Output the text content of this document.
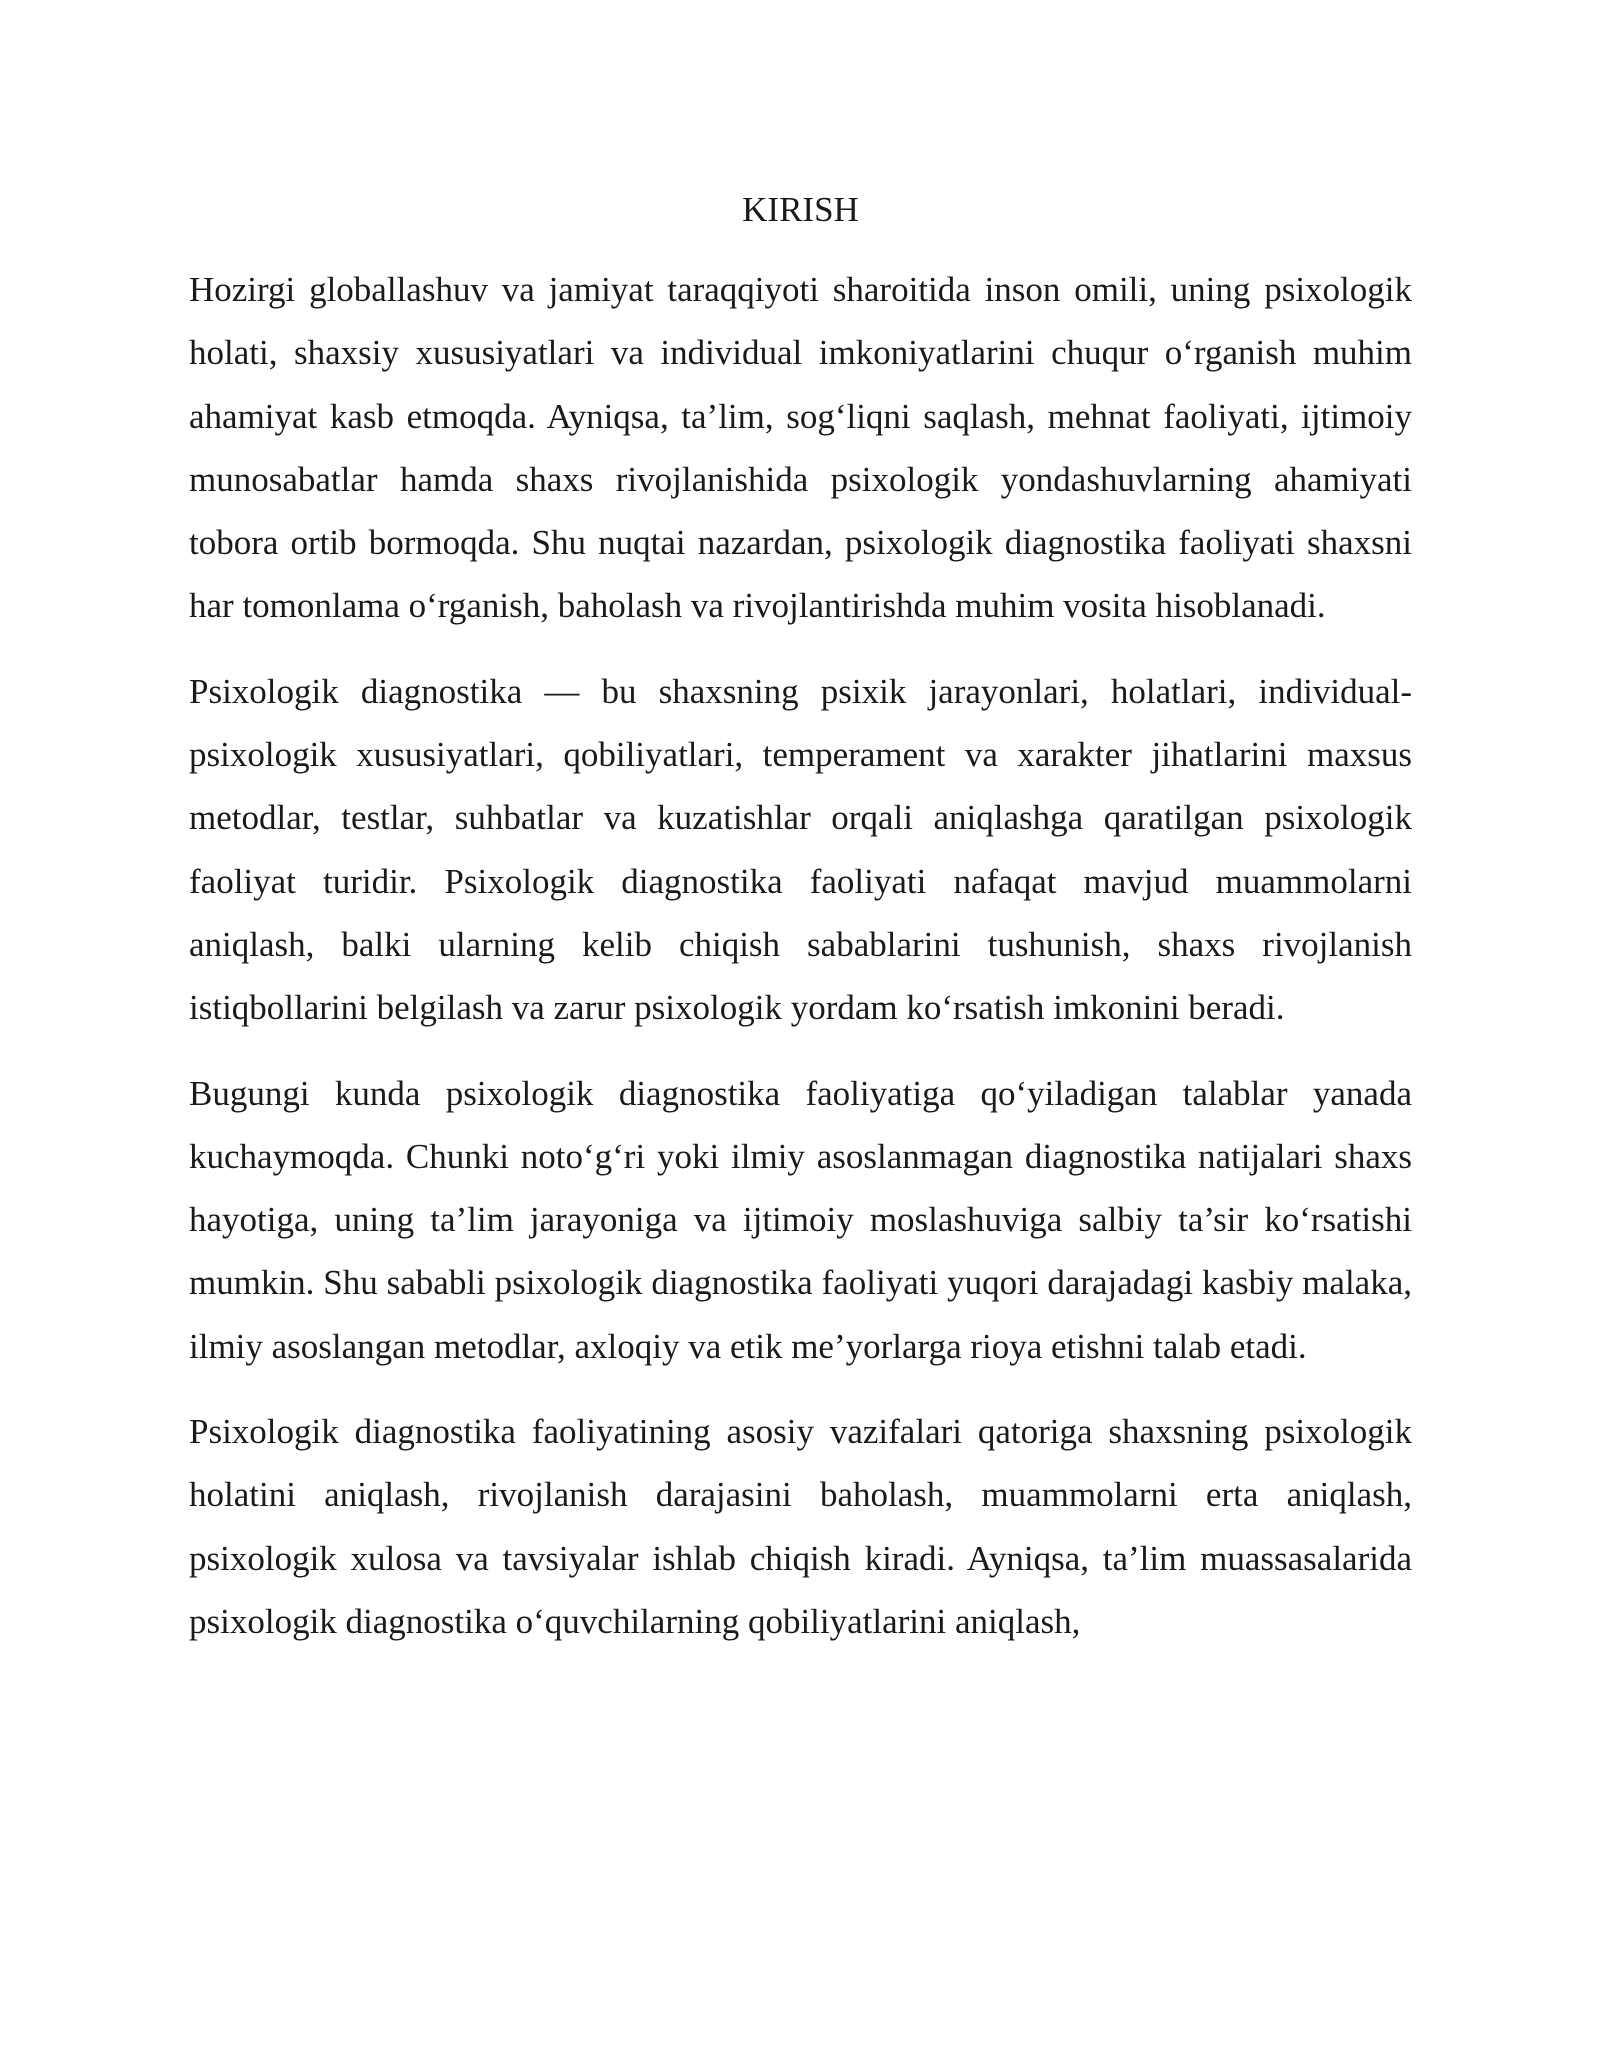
KIRISH

Hozirgi globallashuv va jamiyat taraqqiyoti sharoitida inson omili, uning psixologik holati, shaxsiy xususiyatlari va individual imkoniyatlarini chuqur o‘rganish muhim ahamiyat kasb etmoqda. Ayniqsa, ta’lim, sog‘liqni saqlash, mehnat faoliyati, ijtimoiy munosabatlar hamda shaxs rivojlanishida psixologik yondashuvlarning ahamiyati tobora ortib bormoqda. Shu nuqtai nazardan, psixologik diagnostika faoliyati shaxsni har tomonlama o‘rganish, baholash va rivojlantirishda muhim vosita hisoblanadi.

Psixologik diagnostika — bu shaxsning psixik jarayonlari, holatlari, individual-psixologik xususiyatlari, qobiliyatlari, temperament va xarakter jihatlarini maxsus metodlar, testlar, suhbatlar va kuzatishlar orqali aniqlashga qaratilgan psixologik faoliyat turidir. Psixologik diagnostika faoliyati nafaqat mavjud muammolarni aniqlash, balki ularning kelib chiqish sabablarini tushunish, shaxs rivojlanish istiqbollarini belgilash va zarur psixologik yordam ko‘rsatish imkonini beradi.

Bugungi kunda psixologik diagnostika faoliyatiga qo‘yiladigan talablar yanada kuchaymoqda. Chunki noto‘g‘ri yoki ilmiy asoslanmagan diagnostika natijalari shaxs hayotiga, uning ta’lim jarayoniga va ijtimoiy moslashuviga salbiy ta’sir ko‘rsatishi mumkin. Shu sababli psixologik diagnostika faoliyati yuqori darajadagi kasbiy malaka, ilmiy asoslangan metodlar, axloqiy va etik me’yorlarga rioya etishni talab etadi.

Psixologik diagnostika faoliyatining asosiy vazifalari qatoriga shaxsning psixologik holatini aniqlash, rivojlanish darajasini baholash, muammolarni erta aniqlash, psixologik xulosa va tavsiyalar ishlab chiqish kiradi. Ayniqsa, ta’lim muassasalarida psixologik diagnostika o‘quvchilarning qobiliyatlarini aniqlash,
